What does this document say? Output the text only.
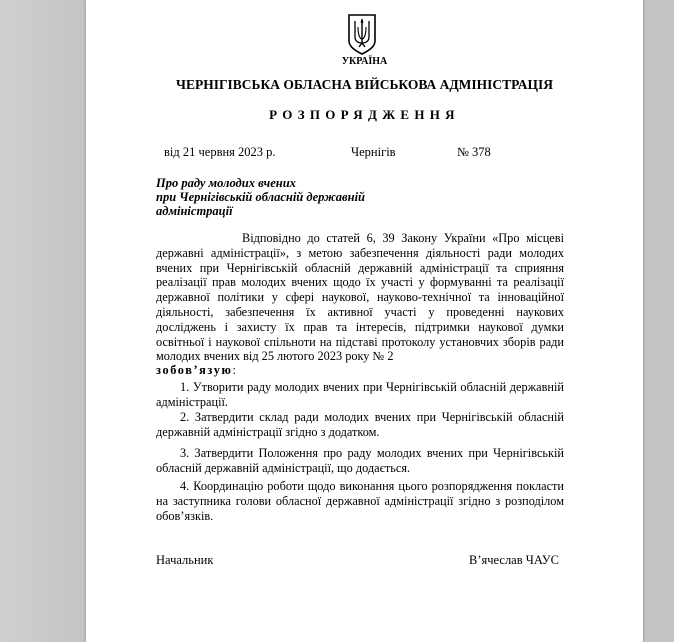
УКРАЇНА
ЧЕРНІГІВСЬКА ОБЛАСНА ВІЙСЬКОВА АДМІНІСТРАЦІЯ
РОЗПОРЯДЖЕННЯ
від 21 червня 2023 р.	Чернігів	№ 378
Про раду молодих вчених
при Чернігівській обласній державній
адміністрації
Відповідно до статей 6, 39 Закону України «Про місцеві державні адміністрації», з метою забезпечення діяльності ради молодих вчених при Чернігівській обласній державній адміністрації та сприяння реалізації прав молодих вчених щодо їх участі у формуванні та реалізації державної політики у сфері наукової, науково-технічної та інноваційної діяльності, забезпечення їх активної участі у проведенні наукових досліджень і захисту їх прав та інтересів, підтримки наукової думки освітньої і наукової спільноти на підставі протоколу установчих зборів ради молодих вчених від 25 лютого 2023 року № 2
зобов’язую:
1. Утворити раду молодих вчених при Чернігівській обласній державній адміністрації.
2. Затвердити склад ради молодих вчених при Чернігівській обласній державній адміністрації згідно з додатком.
3. Затвердити Положення про раду молодих вчених при Чернігівській обласній державній адміністрації, що додається.
4. Координацію роботи щодо виконання цього розпорядження покласти на заступника голови обласної державної адміністрації згідно з розподілом обов’язків.
Начальник	В’ячеслав ЧАУС
